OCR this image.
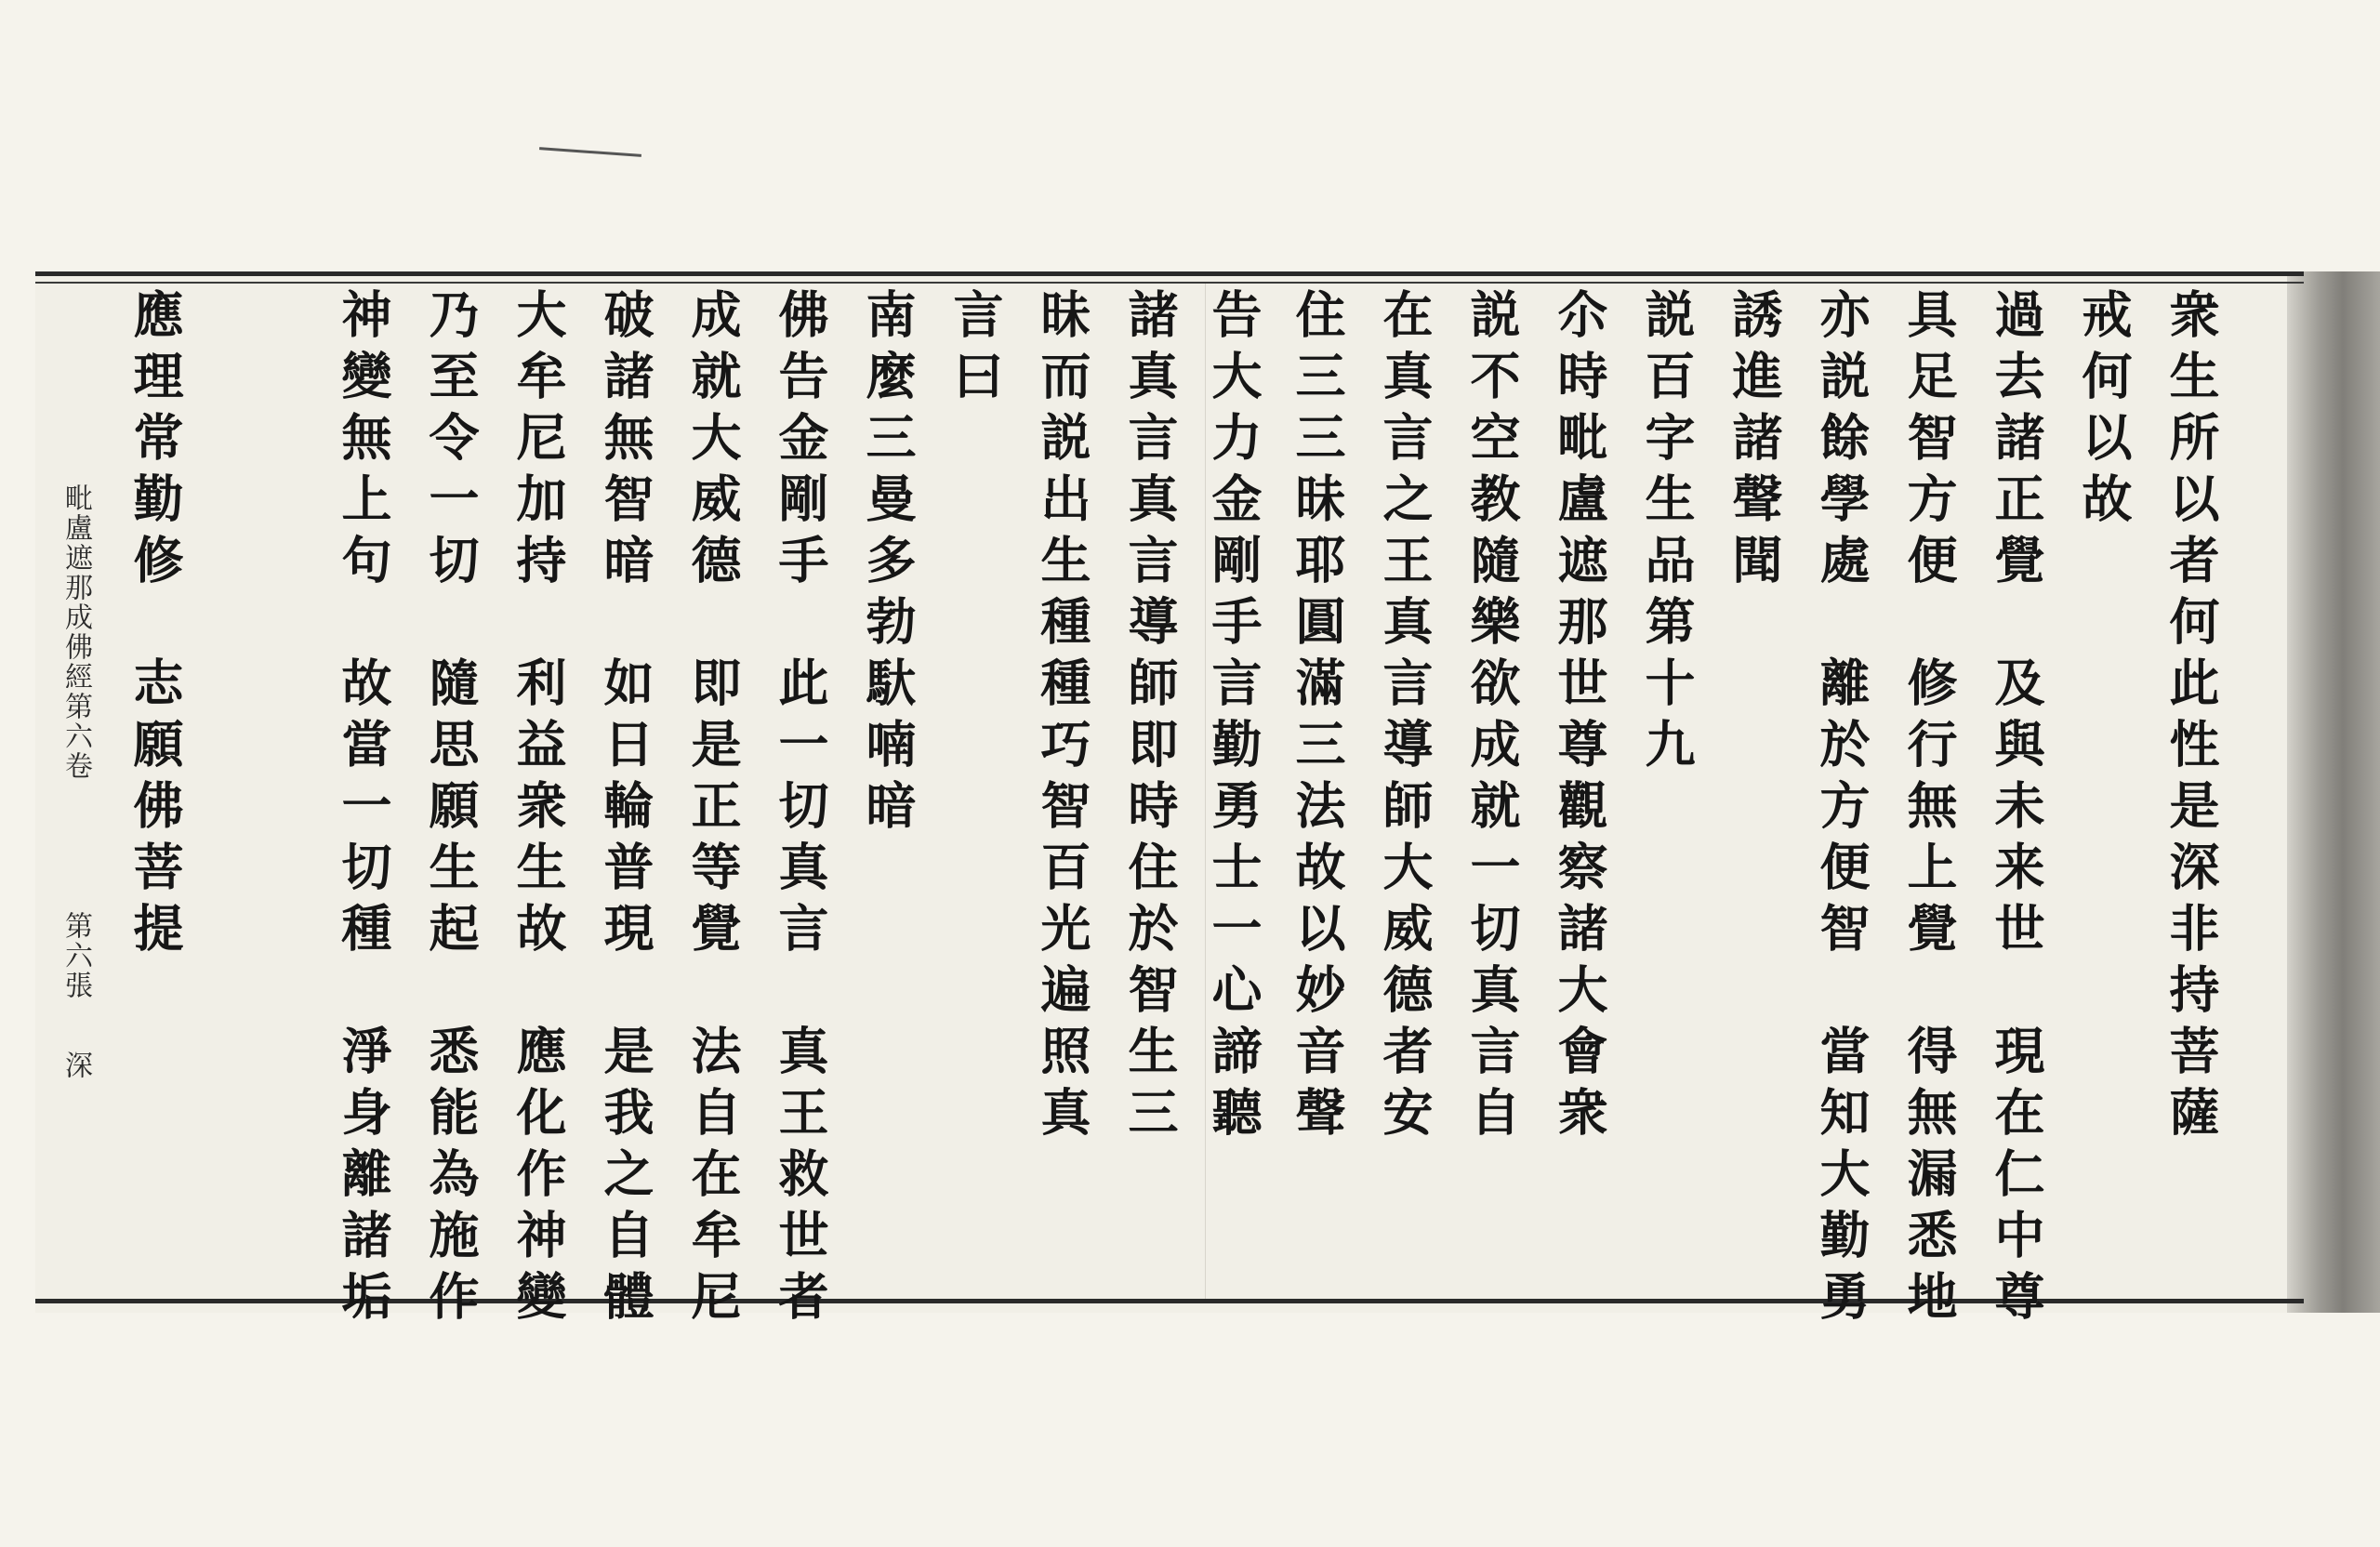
衆生所以者何此性是深非持菩薩
戒何以故
過去諸正覺　及與未来世　現在仁中尊
具足智方便　修行無上覺　得無漏悉地
亦説餘學處　離於方便智　當知大勤勇
誘進諸聲聞
説百字生品第十九
尒時毗盧遮那世尊觀察諸大會衆
説不空教隨樂欲成就一切真言自
在真言之王真言導師大威德者安
住三三昧耶圓滿三法故以妙音聲
告大力金剛手言勤勇士一心諦聽
諸真言真言導師即時住於智生三
昧而説出生種種巧智百光遍照真
言曰
南麼三曼多勃馱喃暗
佛告金剛手　此一切真言　真王救世者
成就大威德　即是正等覺　法自在牟尼
破諸無智暗　如日輪普現　是我之自體
大牟尼加持　利益衆生故　應化作神變
乃至令一切　隨思願生起　悉能為施作
神變無上句　故當一切種　淨身離諸垢
應理常勤修　志願佛菩提
毗盧遮那成佛經第六卷
第六張
深
